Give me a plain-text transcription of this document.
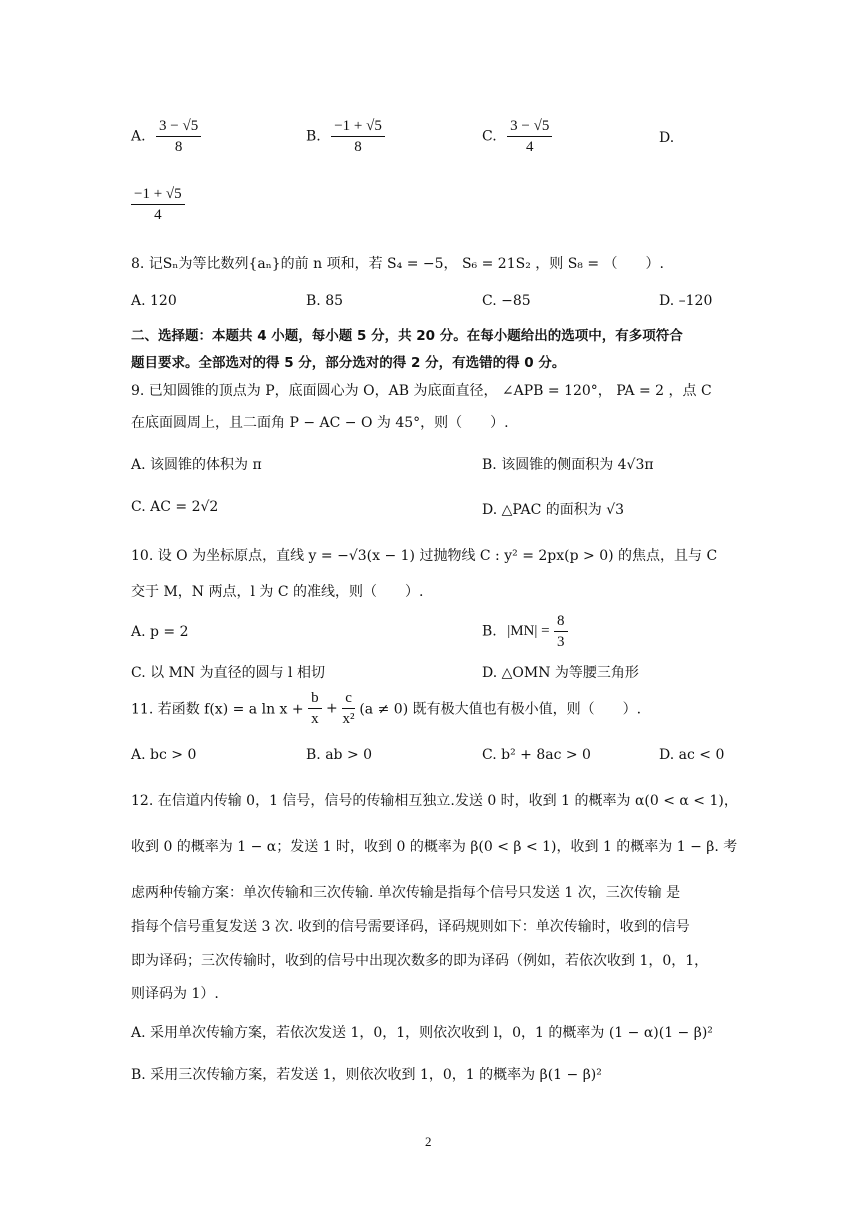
A. $\frac{3 - √5}{8}$	B. $\frac{-1 + √5}{8}$	C. $\frac{3 - √5}{4}$	D.
$\frac{-1 + √5}{4}$
8. 记Sₙ为等比数列{aₙ}的前 n 项和，若 S₄ = −5， S₆ = 21S₂ ，则 S₈ = （　　）.
A. 120	B. 85	C. −85	D. –120
二、选择题：本题共 4 小题，每小题 5 分，共 20 分。在每小题给出的选项中，有多项符合
题目要求。全部选对的得 5 分，部分选对的得 2 分，有选错的得 0 分。
9. 已知圆锥的顶点为 P，底面圆心为 O，AB 为底面直径， ∠APB = 120°， PA = 2 ，点 C
在底面圆周上，且二面角 P − AC − O 为 45°，则（　　）.
A. 该圆锥的体积为 π	B. 该圆锥的侧面积为 4√3π
C. AC = 2√2	D. △PAC 的面积为 √3
10. 设 O 为坐标原点，直线 y = −√3(x − 1) 过抛物线 C : y² = 2px(p > 0) 的焦点，且与 C
交于 M，N 两点，l 为 C 的准线，则（　　）.
A. p = 2	B. $|MN| = \frac{8}{3}$
C. 以 MN 为直径的圆与 l 相切	D. △OMN 为等腰三角形
11. 若函数 f(x) = a $\ln x + \frac{b}{x} + \frac{c}{\text{x²}} (a \ne 0)$ 既有极大值也有极小值，则（　　）.
A. bc > 0	B. ab > 0	C. b² + 8ac > 0	D. ac < 0
12. 在信道内传输 0，1 信号，信号的传输相互独立.发送 0 时，收到 1 的概率为 α(0 < α < 1)，
收到 0 的概率为 1 − α；发送 1 时，收到 0 的概率为 β(0 < β < 1)，收到 1 的概率为 1 − β. 考
虑两种传输方案：单次传输和三次传输. 单次传输是指每个信号只发送 1 次，三次传输 是
指每个信号重复发送 3 次. 收到的信号需要译码，译码规则如下：单次传输时，收到的信号
即为译码；三次传输时，收到的信号中出现次数多的即为译码（例如，若依次收到 1，0，1，
则译码为 1）.
A. 采用单次传输方案，若依次发送 1，0，1，则依次收到 l，0，1 的概率为 (1 − α)(1 − β)²
B. 采用三次传输方案，若发送 1，则依次收到 1，0，1 的概率为 β(1 − β)²
2
